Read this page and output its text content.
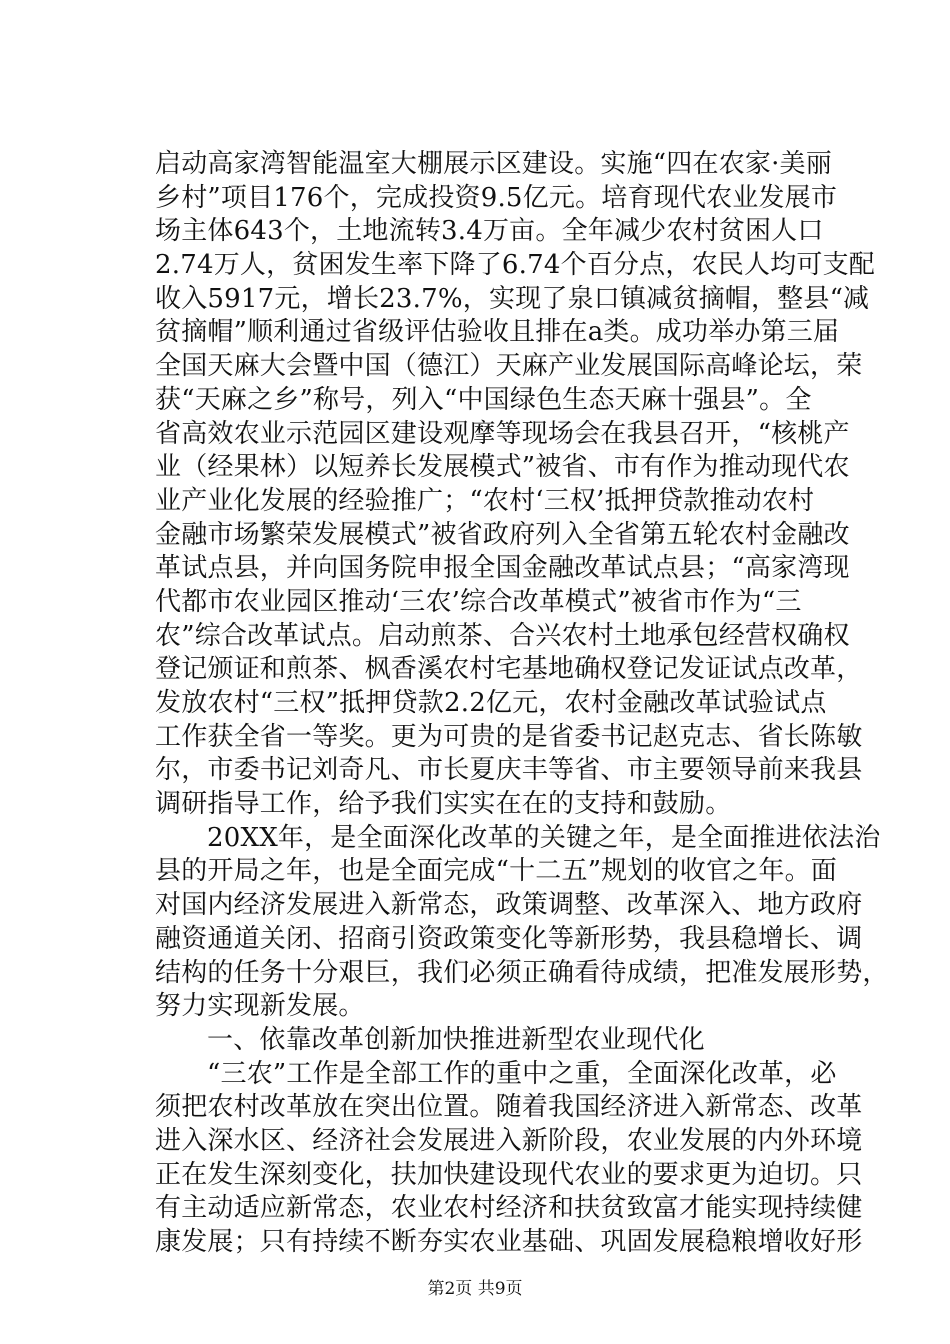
启动高家湾智能温室大棚展示区建设。实施“四在农家·美丽
乡村”项目176个，完成投资9.5亿元。培育现代农业发展市
场主体643个，土地流转3.4万亩。全年减少农村贫困人口
2.74万人，贫困发生率下降了6.74个百分点，农民人均可支配
收入5917元，增长23.7%，实现了泉口镇减贫摘帽，整县“减
贫摘帽”顺利通过省级评估验收且排在a类。成功举办第三届
全国天麻大会暨中国（德江）天麻产业发展国际高峰论坛，荣
获“天麻之乡”称号，列入“中国绿色生态天麻十强县”。全
省高效农业示范园区建设观摩等现场会在我县召开，“核桃产
业（经果林）以短养长发展模式”被省、市有作为推动现代农
业产业化发展的经验推广；“农村‘三权’抵押贷款推动农村
金融市场繁荣发展模式”被省政府列入全省第五轮农村金融改
革试点县，并向国务院申报全国金融改革试点县；“高家湾现
代都市农业园区推动‘三农’综合改革模式”被省市作为“三
农”综合改革试点。启动煎茶、合兴农村土地承包经营权确权
登记颁证和煎茶、枫香溪农村宅基地确权登记发证试点改革，
发放农村“三权”抵押贷款2.2亿元，农村金融改革试验试点
工作获全省一等奖。更为可贵的是省委书记赵克志、省长陈敏
尔，市委书记刘奇凡、市长夏庆丰等省、市主要领导前来我县
调研指导工作，给予我们实实在在的支持和鼓励。
20XX年，是全面深化改革的关键之年，是全面推进依法治
县的开局之年，也是全面完成“十二五”规划的收官之年。面
对国内经济发展进入新常态，政策调整、改革深入、地方政府
融资通道关闭、招商引资政策变化等新形势，我县稳增长、调
结构的任务十分艰巨，我们必须正确看待成绩，把准发展形势，
努力实现新发展。
一、依靠改革创新加快推进新型农业现代化
“三农”工作是全部工作的重中之重，全面深化改革，必
须把农村改革放在突出位置。随着我国经济进入新常态、改革
进入深水区、经济社会发展进入新阶段，农业发展的内外环境
正在发生深刻变化，扶加快建设现代农业的要求更为迫切。只
有主动适应新常态，农业农村经济和扶贫致富才能实现持续健
康发展；只有持续不断夯实农业基础、巩固发展稳粮增收好形
第2页 共9页
